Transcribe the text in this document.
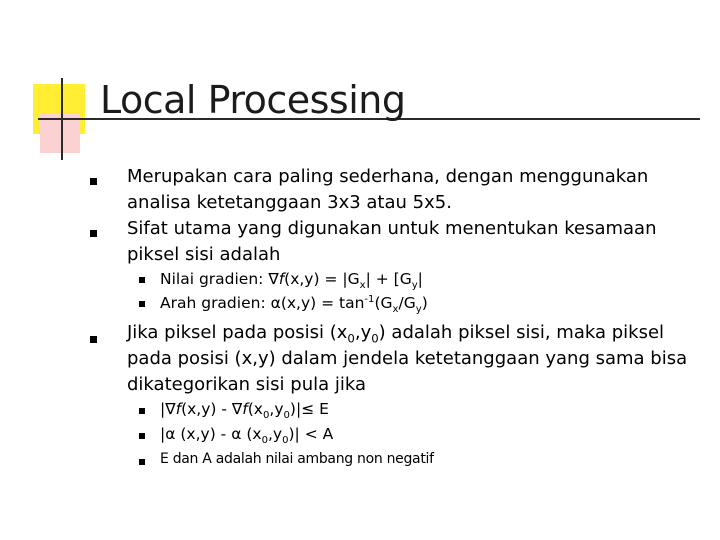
Local Processing
Merupakan cara paling sederhana, dengan menggunakan analisa ketetanggaan 3x3 atau 5x5.
Sifat utama yang digunakan untuk menentukan kesamaan piksel sisi adalah
Nilai gradien: $\nabla f(x,y) = |G_x| + [G_y|$
Arah gradien: $\alpha(x,y) = \tan^{-1}(G_x/G_y)$
Jika piksel pada posisi $(x_0,y_0)$ adalah piksel sisi, maka piksel pada posisi (x,y) dalam jendela ketetanggaan yang sama bisa dikategorikan sisi pula jika
$|\nabla f(x,y) - \nabla f(x_0,y_0)|\le E$
|α (x,y) - α $(x_0,y_0)| < A$
E dan A adalah nilai ambang non negatif
